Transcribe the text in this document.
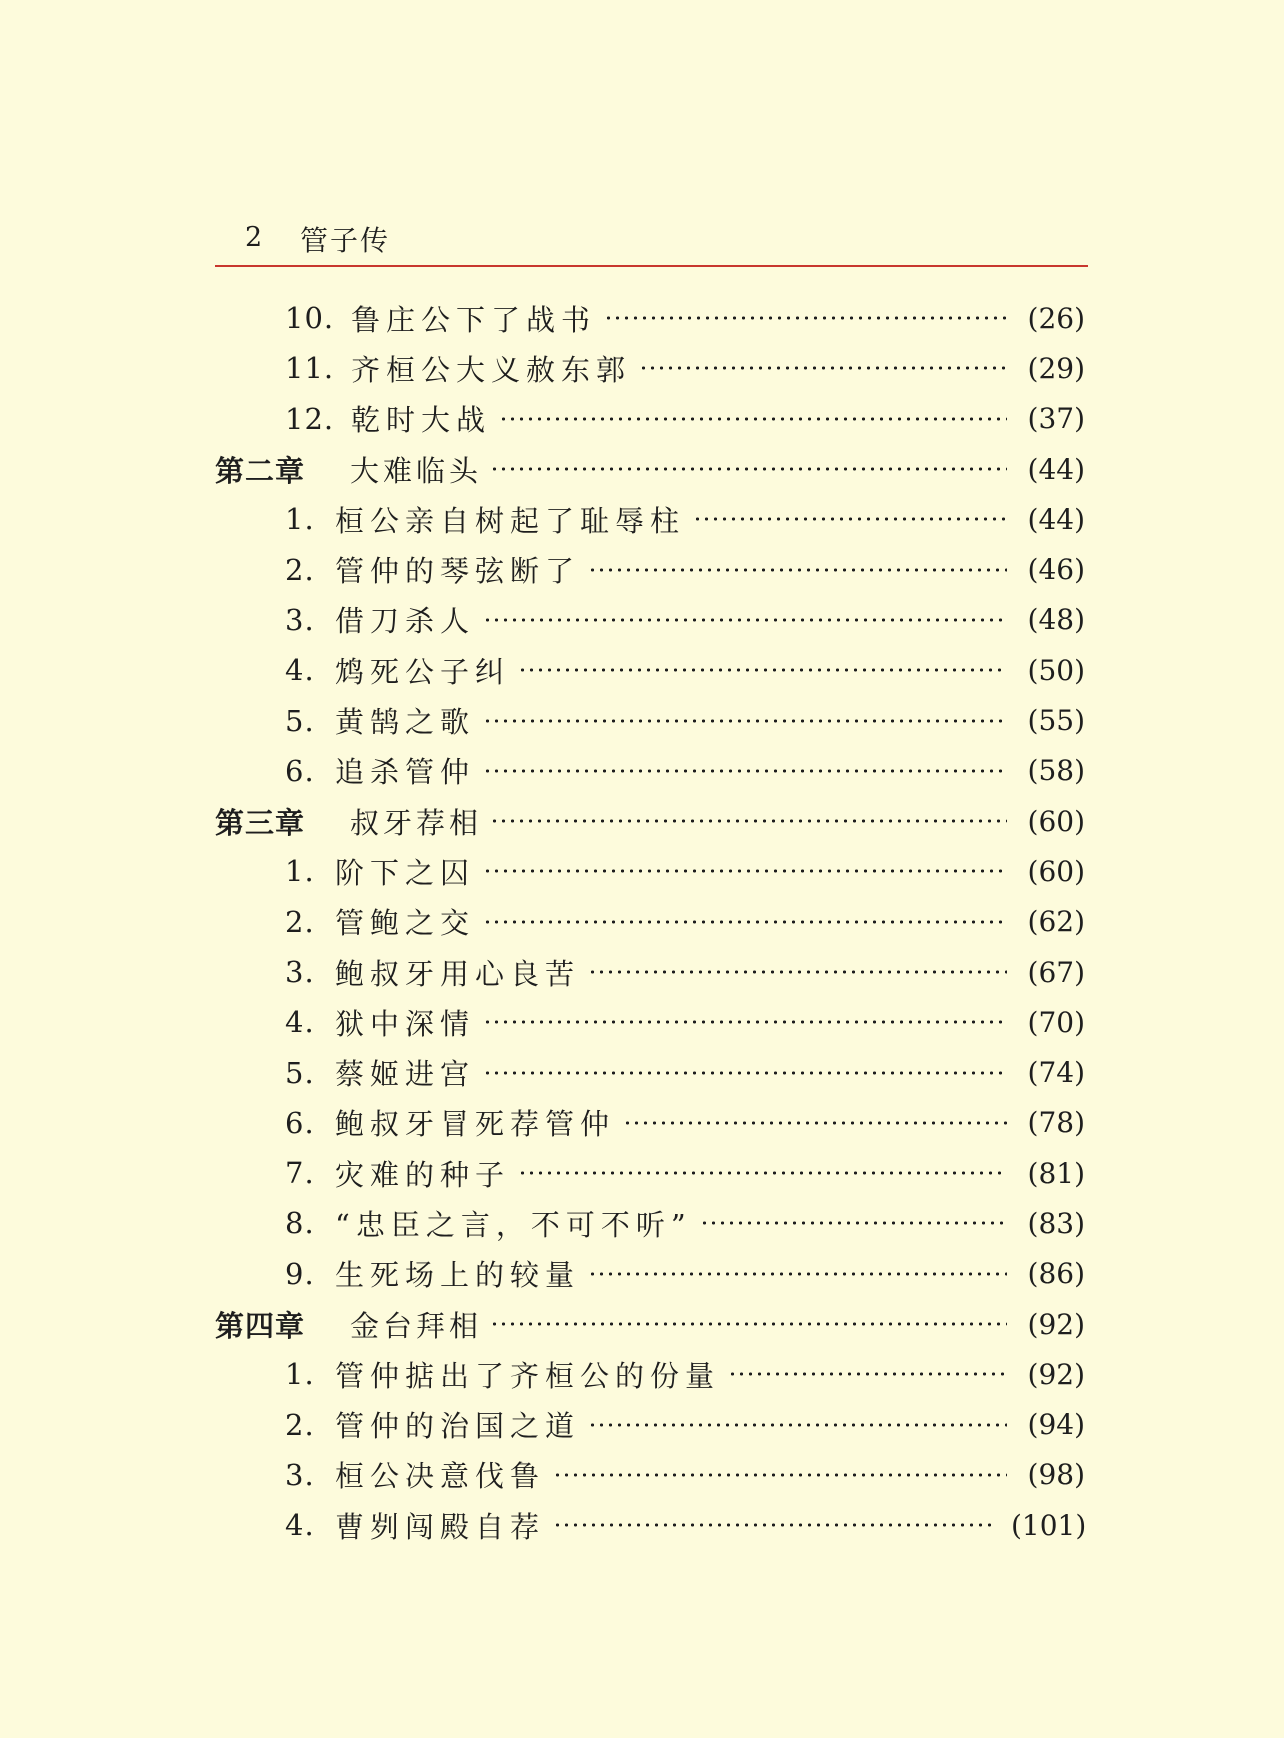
2 管子传
10. 鲁庄公下了战书	(26)
11. 齐桓公大义赦东郭	(29)
12. 乾时大战	(37)
第二章	大难临头	(44)
1. 桓公亲自树起了耻辱柱	(44)
2. 管仲的琴弦断了	(46)
3. 借刀杀人	(48)
4. 鸩死公子纠	(50)
5. 黄鹄之歌	(55)
6. 追杀管仲	(58)
第三章	叔牙荐相	(60)
1. 阶下之囚	(60)
2. 管鲍之交	(62)
3. 鲍叔牙用心良苦	(67)
4. 狱中深情	(70)
5. 蔡姬进宫	(74)
6. 鲍叔牙冒死荐管仲	(78)
7. 灾难的种子	(81)
8. “忠臣之言，不可不听”	(83)
9. 生死场上的较量	(86)
第四章	金台拜相	(92)
1. 管仲掂出了齐桓公的份量	(92)
2. 管仲的治国之道	(94)
3. 桓公决意伐鲁	(98)
4. 曹刿闯殿自荐	(101)
